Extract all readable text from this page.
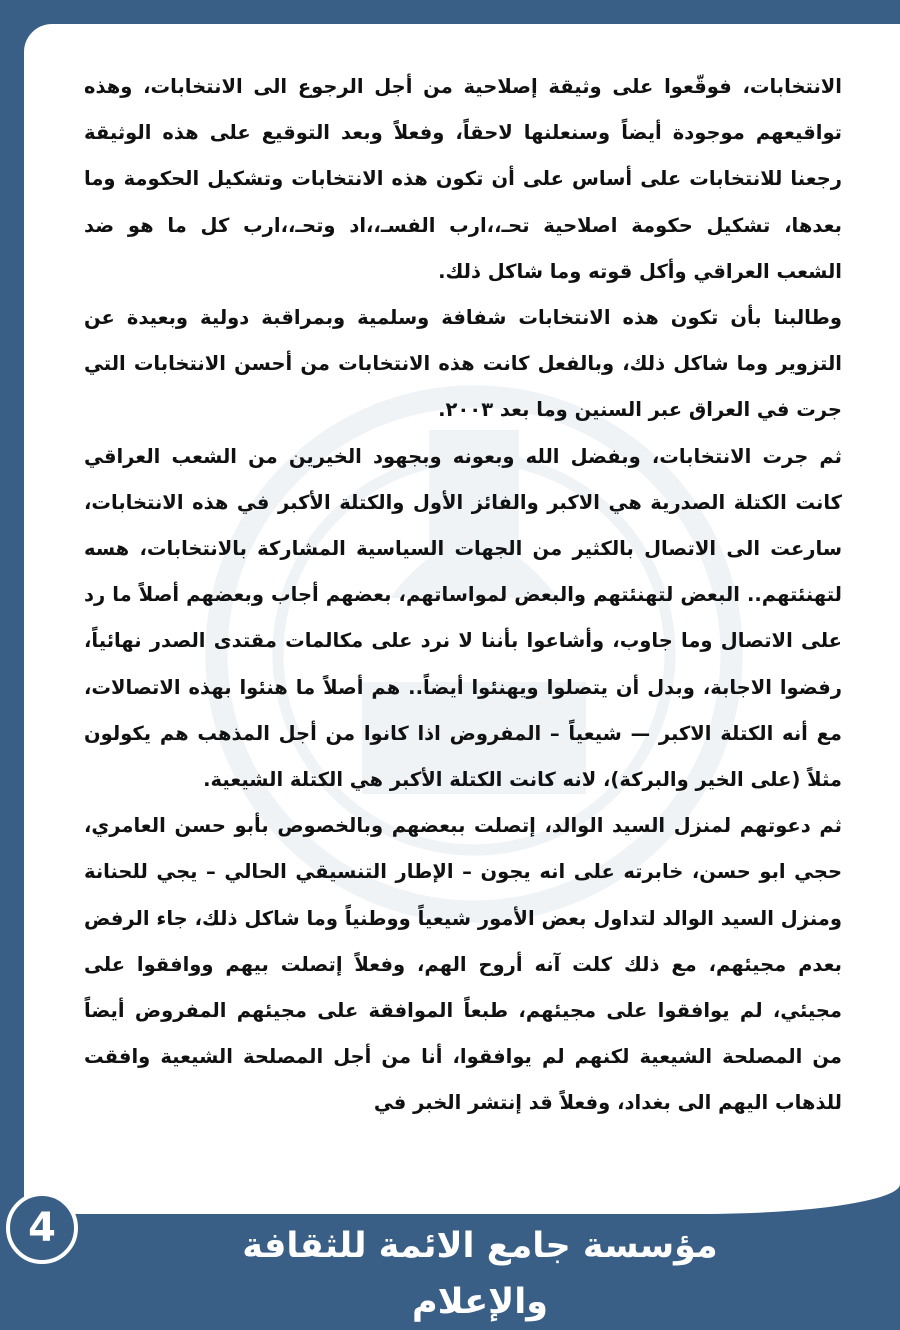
الانتخابات، فوقّعوا على وثيقة إصلاحية من أجل الرجوع الى الانتخابات، وهذه تواقيعهم موجودة أيضاً وسنعلنها لاحقاً، وفعلاً وبعد التوقيع على هذه الوثيقة رجعنا للانتخابات على أساس على أن تكون هذه الانتخابات وتشكيل الحكومة وما بعدها، تشكيل حكومة اصلاحية تحـ،،ارب الفسـ،،اد وتحـ،،ارب كل ما هو ضد الشعب العراقي وأكل قوته وما شاكل ذلك.

وطالبنا بأن تكون هذه الانتخابات شفافة وسلمية وبمراقبة دولية وبعيدة عن التزوير وما شاكل ذلك، وبالفعل كانت هذه الانتخابات من أحسن الانتخابات التي جرت في العراق عبر السنين وما بعد ٢٠٠٣.

ثم جرت الانتخابات، وبفضل الله وبعونه وبجهود الخيرين من الشعب العراقي كانت الكتلة الصدرية هي الاكبر والفائز الأول والكتلة الأكبر في هذه الانتخابات، سارعت الى الاتصال بالكثير من الجهات السياسية المشاركة بالانتخابات، هسه لتهنئتهم.. البعض لتهنئتهم والبعض لمواساتهم، بعضهم أجاب وبعضهم أصلاً ما رد على الاتصال وما جاوب، وأشاعوا بأننا لا نرد على مكالمات مقتدى الصدر نهائياً، رفضوا الاجابة، وبدل أن يتصلوا ويهنئوا أيضاً.. هم أصلاً ما هنئوا بهذه الاتصالات، مع أنه الكتلة الاكبر — شيعياً – المفروض اذا كانوا من أجل المذهب هم يكولون مثلاً (على الخير والبركة)، لانه كانت الكتلة الأكبر هي الكتلة الشيعية.

ثم دعوتهم لمنزل السيد الوالد، إتصلت ببعضهم وبالخصوص بأبو حسن العامري، حجي ابو حسن، خابرته على انه يجون – الإطار التنسيقي الحالي – يجي للحنانة ومنزل السيد الوالد لتداول بعض الأمور شيعياً ووطنياً وما شاكل ذلك، جاء الرفض بعدم مجيئهم، مع ذلك كلت آنه أروح الهم، وفعلاً إتصلت بيهم ووافقوا على مجيئي، لم يوافقوا على مجيئهم، طبعاً الموافقة على مجيئهم المفروض أيضاً من المصلحة الشيعية لكنهم لم يوافقوا، أنا من أجل المصلحة الشيعية وافقت للذهاب اليهم الى بغداد، وفعلاً قد إنتشر الخبر في

4	مؤسسة جامع الائمة للثقافة والإعلام
